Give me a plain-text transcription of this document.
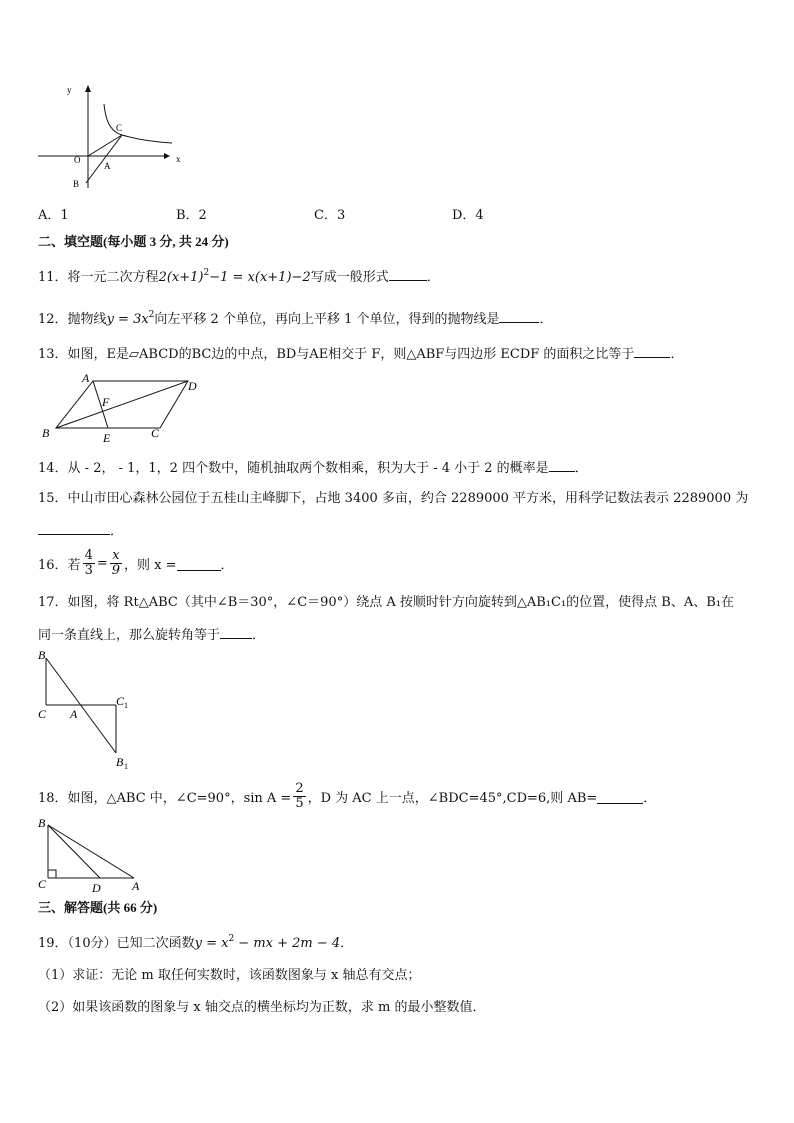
y
x
O
A
B
C
A．1	B．2	C．3	D．4
二、填空题(每小题 3 分, 共 24 分)
11．将一元二次方程$2(x+1)^2-1 = x(x+1)-2$写成一般形式	．
12．抛物线$y = 3x^2$向左平移 2 个单位，再向上平移 1 个单位，得到的抛物线是	．
13．如图，E是▱ABCD的BC边的中点，BD与AE相交于 F，则△ABF与四边形 ECDF 的面积之比等于	．
A
D
F
B	E	C
14．从 - 2， - 1，1，2 四个数中，随机抽取两个数相乘，积为大于 - 4 小于 2 的概率是 ．
15．中山市田心森林公园位于五桂山主峰脚下，占地 3400 多亩，约合 2289000 平方米，用科学记数法表示 2289000 为
．
16． 若 $\frac{4}{3} = \frac{x}{9}$ ，则 x =	．
17．如图，将 Rt△ABC（其中∠B＝30°，∠C＝90°）绕点 A 按顺时针方向旋转到△AB₁C₁的位置，使得点 B、A、B₁在
同一条直线上，那么旋转角等于 ．
B
C A
C 1
B 1
18． 如图，△ABC 中，∠C=90°，$\sin A = \frac{2}{5}$ ，D 为 AC 上一点，∠BDC=45°,CD=6,则 AB=	．
B
C	D	A
三、解答题(共 66 分)
19．（10分）已知二次函数$y = x^2$ − mx + 2m − 4．
（1）求证：无论 m 取任何实数时，该函数图象与 x 轴总有交点；
（2）如果该函数的图象与 x 轴交点的横坐标均为正数，求 m 的最小整数值．
